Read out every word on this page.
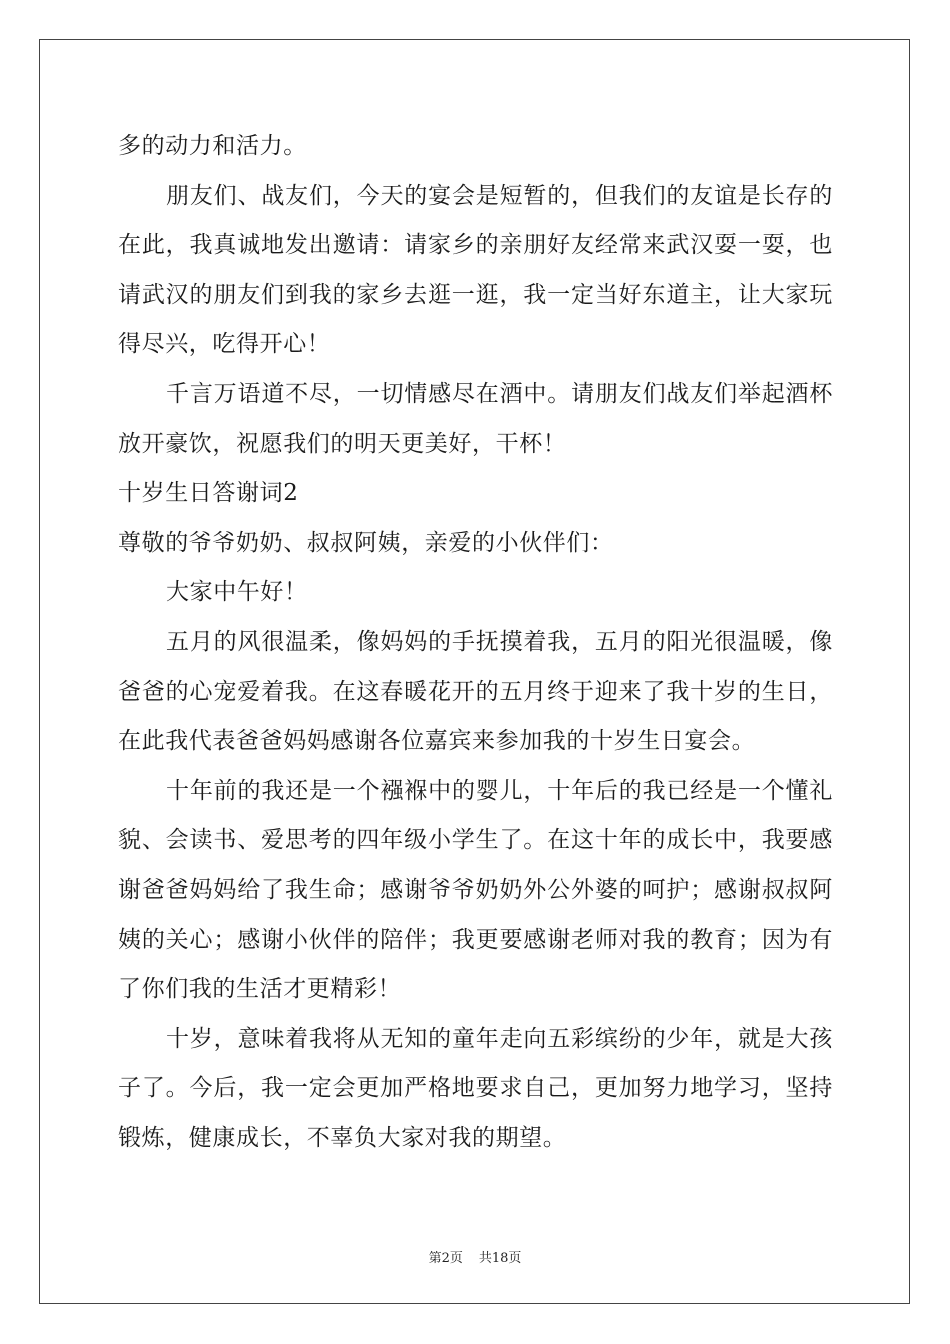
多的动力和活力。

朋友们、战友们，今天的宴会是短暂的，但我们的友谊是长存的在此，我真诚地发出邀请：请家乡的亲朋好友经常来武汉耍一耍，也请武汉的朋友们到我的家乡去逛一逛，我一定当好东道主，让大家玩得尽兴，吃得开心！

千言万语道不尽，一切情感尽在酒中。请朋友们战友们举起酒杯放开豪饮，祝愿我们的明天更美好，干杯！

十岁生日答谢词2

尊敬的爷爷奶奶、叔叔阿姨，亲爱的小伙伴们：

大家中午好！

五月的风很温柔，像妈妈的手抚摸着我，五月的阳光很温暖，像爸爸的心宠爱着我。在这春暖花开的五月终于迎来了我十岁的生日，在此我代表爸爸妈妈感谢各位嘉宾来参加我的十岁生日宴会。

十年前的我还是一个襁褓中的婴儿，十年后的我已经是一个懂礼貌、会读书、爱思考的四年级小学生了。在这十年的成长中，我要感谢爸爸妈妈给了我生命；感谢爷爷奶奶外公外婆的呵护；感谢叔叔阿姨的关心；感谢小伙伴的陪伴；我更要感谢老师对我的教育；因为有了你们我的生活才更精彩！

十岁，意味着我将从无知的童年走向五彩缤纷的少年，就是大孩子了。今后，我一定会更加严格地要求自己，更加努力地学习，坚持锻炼，健康成长，不辜负大家对我的期望。

第2页 共18页
